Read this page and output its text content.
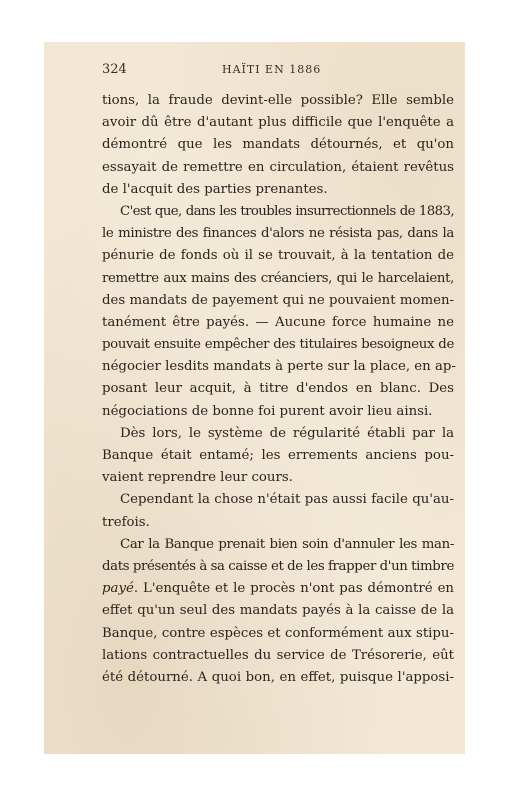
324	HAÏTI EN 1886
tions, la fraude devint-elle possible? Elle semble
avoir dû être d'autant plus difficile que l'enquête a
démontré que les mandats détournés, et qu'on
essayait de remettre en circulation, étaient revêtus
de l'acquit des parties prenantes.
C'est que, dans les troubles insurrectionnels de 1883,
le ministre des finances d'alors ne résista pas, dans la
pénurie de fonds où il se trouvait, à la tentation de
remettre aux mains des créanciers, qui le harcelaient,
des mandats de payement qui ne pouvaient momen-
tanément être payés. — Aucune force humaine ne
pouvait ensuite empêcher des titulaires besoigneux de
négocier lesdits mandats à perte sur la place, en ap-
posant leur acquit, à titre d'endos en blanc. Des
négociations de bonne foi purent avoir lieu ainsi.
Dès lors, le système de régularité établi par la
Banque était entamé; les errements anciens pou-
vaient reprendre leur cours.
Cependant la chose n'était pas aussi facile qu'au-
trefois.
Car la Banque prenait bien soin d'annuler les man-
dats présentés à sa caisse et de les frapper d'un timbre
payé. L'enquête et le procès n'ont pas démontré en
effet qu'un seul des mandats payés à la caisse de la
Banque, contre espèces et conformément aux stipu-
lations contractuelles du service de Trésorerie, eût
été détourné. A quoi bon, en effet, puisque l'apposi-
